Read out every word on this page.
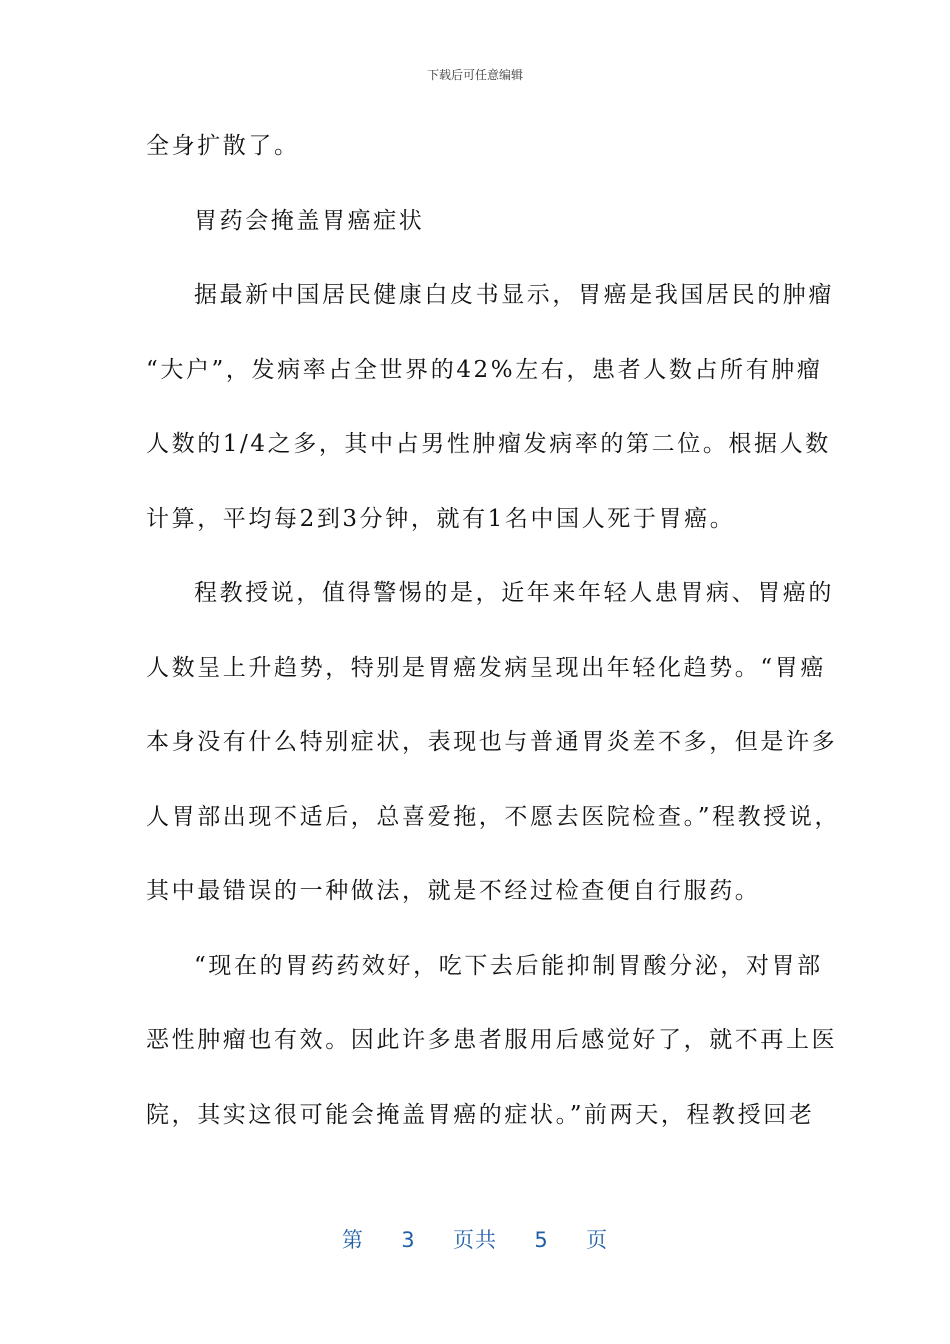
下载后可任意编辑
全身扩散了。
胃药会掩盖胃癌症状
据最新中国居民健康白皮书显示，胃癌是我国居民的肿瘤
“大户”，发病率占全世界的42%左右，患者人数占所有肿瘤
人数的1/4之多，其中占男性肿瘤发病率的第二位。根据人数
计算，平均每2到3分钟，就有1名中国人死于胃癌。
程教授说，值得警惕的是，近年来年轻人患胃病、胃癌的
人数呈上升趋势，特别是胃癌发病呈现出年轻化趋势。“胃癌
本身没有什么特别症状，表现也与普通胃炎差不多，但是许多
人胃部出现不适后，总喜爱拖，不愿去医院检查。”程教授说，
其中最错误的一种做法，就是不经过检查便自行服药。
“现在的胃药药效好，吃下去后能抑制胃酸分泌，对胃部
恶性肿瘤也有效。因此许多患者服用后感觉好了，就不再上医
院，其实这很可能会掩盖胃癌的症状。”前两天，程教授回老
第 3 页共 5 页
